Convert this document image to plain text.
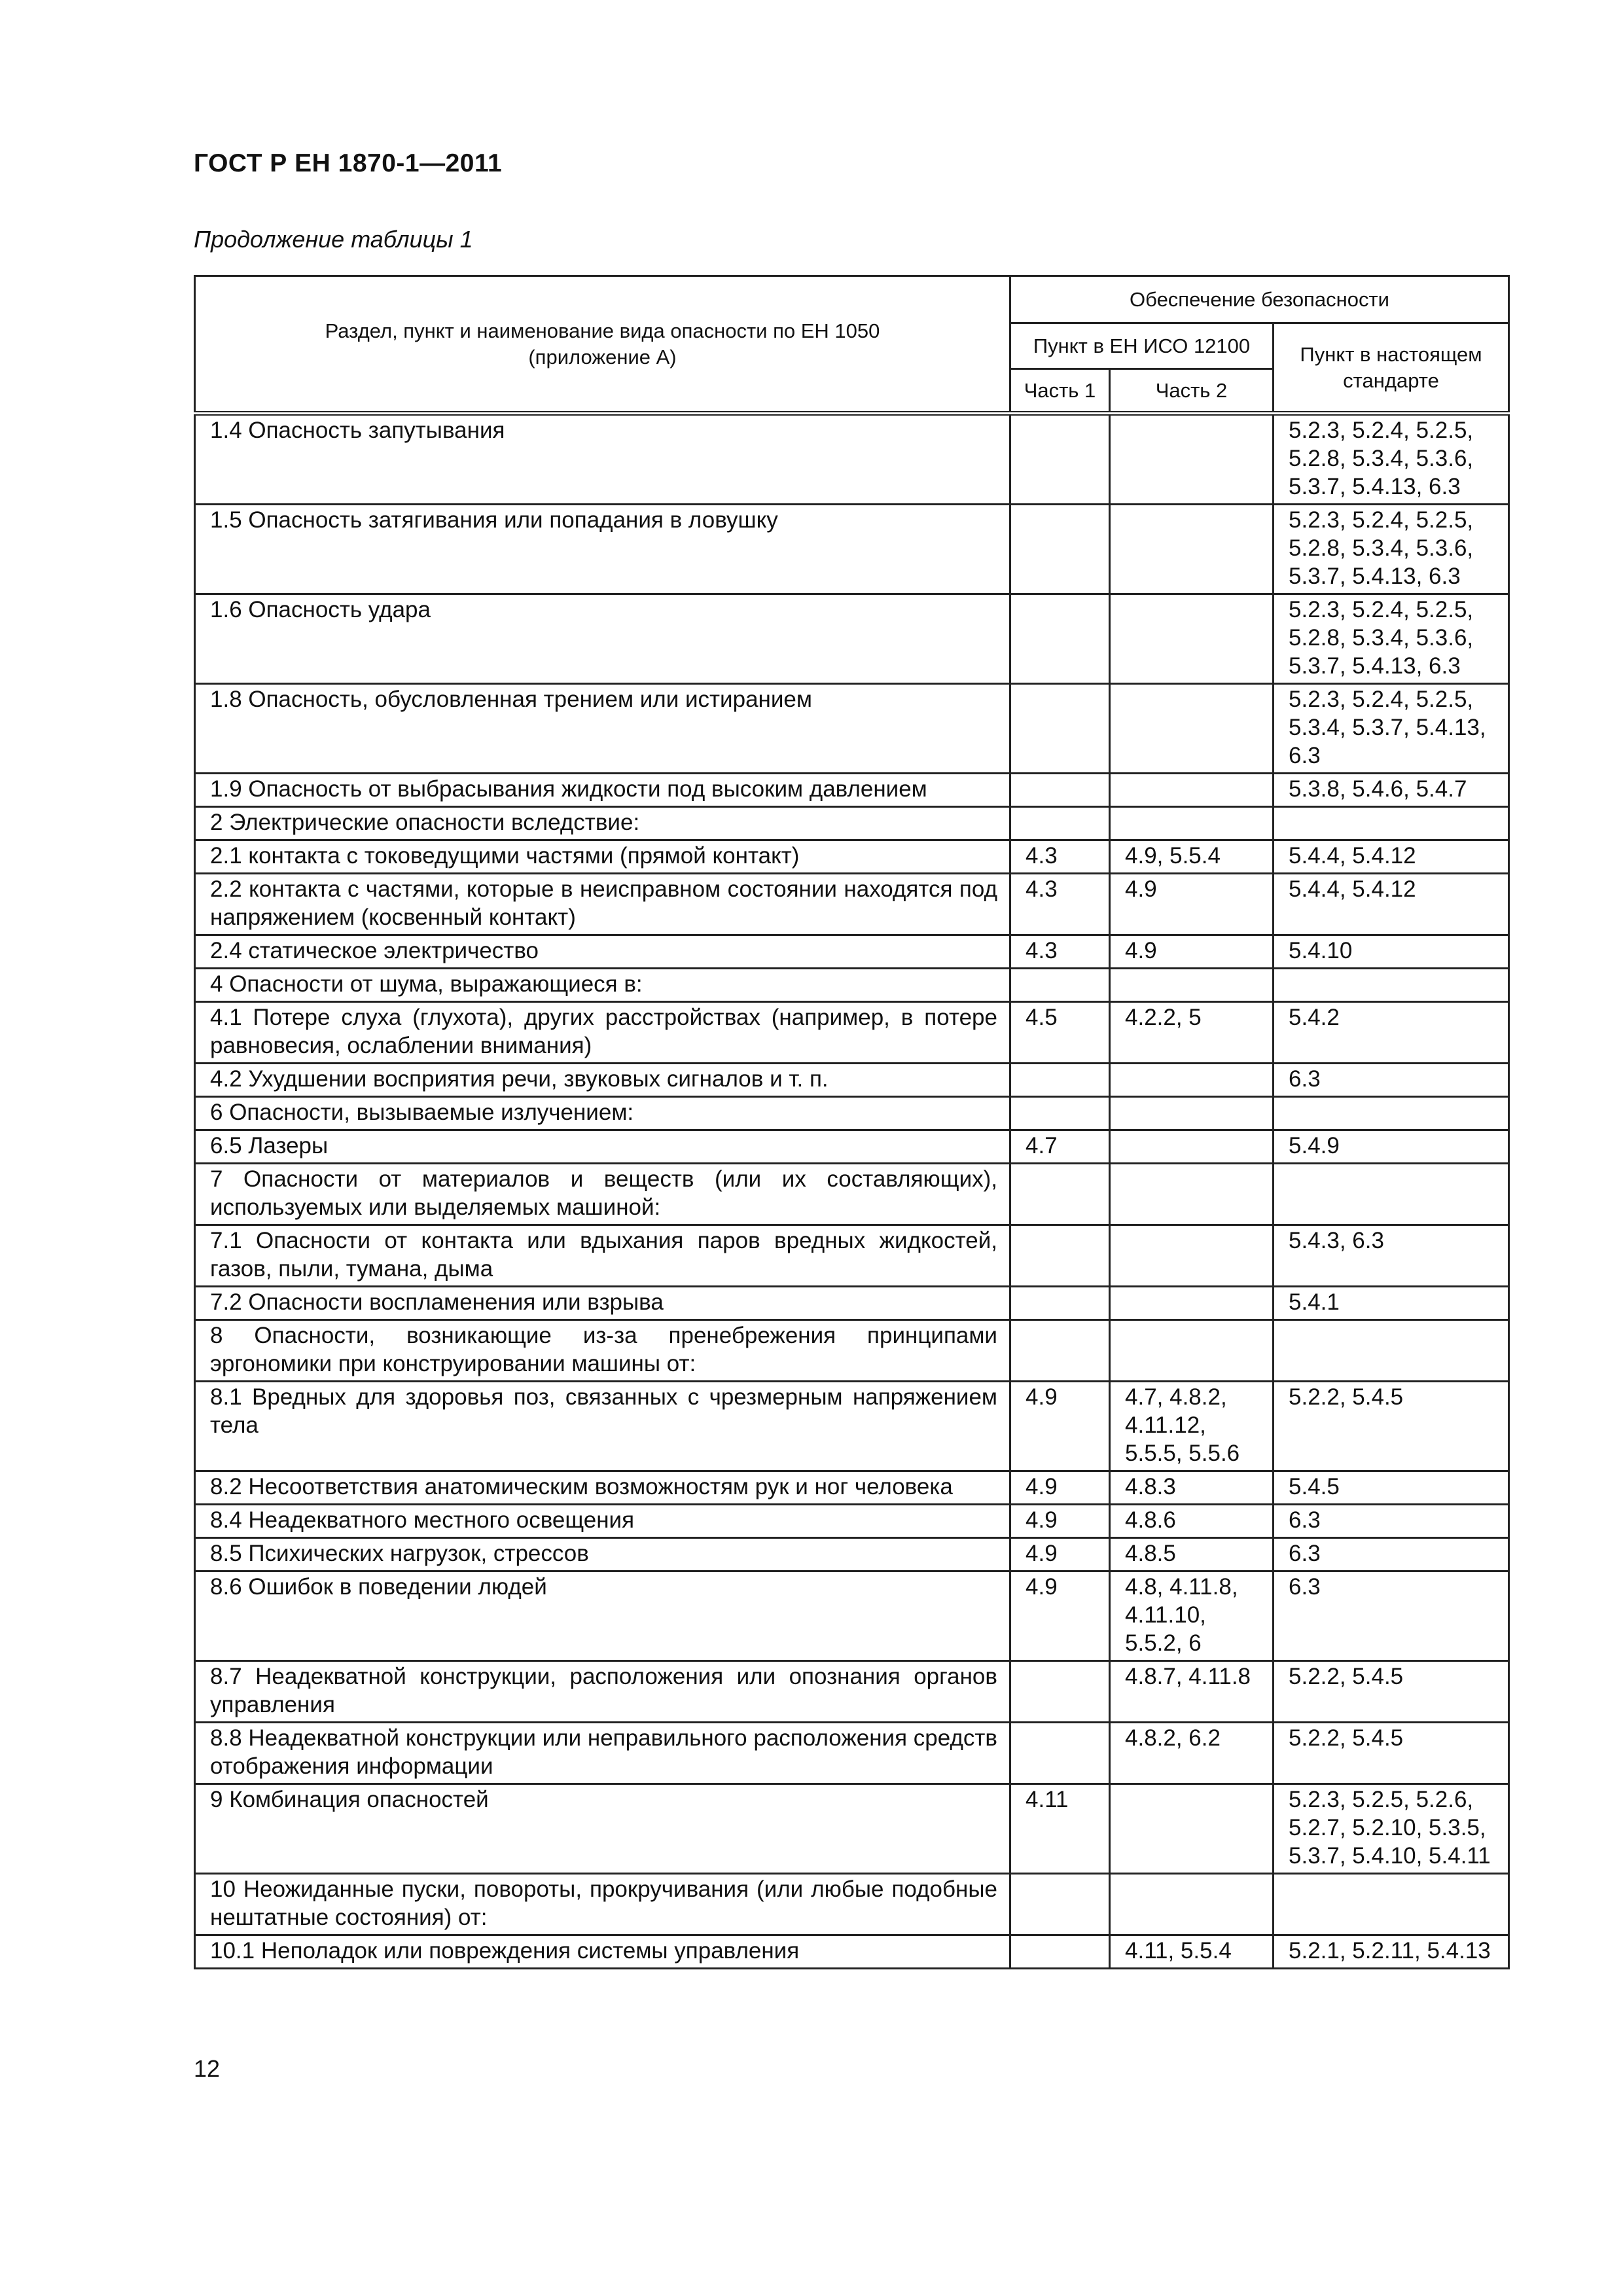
ГОСТ Р ЕН 1870-1—2011
Продолжение таблицы 1
Раздел, пункт и наименование вида опасности по ЕН 1050 (приложение А)	Обеспечение безопасности		
	Пункт в ЕН ИСО 12100		Пункт в настоящем стандарте
	Часть 1	Часть 2	
1.4 Опасность запутывания			5.2.3, 5.2.4, 5.2.5, 5.2.8, 5.3.4, 5.3.6, 5.3.7, 5.4.13, 6.3
1.5 Опасность затягивания или попадания в ловушку			5.2.3, 5.2.4, 5.2.5, 5.2.8, 5.3.4, 5.3.6, 5.3.7, 5.4.13, 6.3
1.6 Опасность удара			5.2.3, 5.2.4, 5.2.5, 5.2.8, 5.3.4, 5.3.6, 5.3.7, 5.4.13, 6.3
1.8 Опасность, обусловленная трением или истиранием			5.2.3, 5.2.4, 5.2.5, 5.3.4, 5.3.7, 5.4.13, 6.3
1.9 Опасность от выбрасывания жидкости под высоким давлением			5.3.8, 5.4.6, 5.4.7
2 Электрические опасности вследствие:			
2.1 контакта с токоведущими частями (прямой контакт)	4.3	4.9, 5.5.4	5.4.4, 5.4.12
2.2 контакта с частями, которые в неисправном состоянии находятся под напряжением (косвенный контакт)	4.3	4.9	5.4.4, 5.4.12
2.4 статическое электричество	4.3	4.9	5.4.10
4 Опасности от шума, выражающиеся в:			
4.1 Потере слуха (глухота), других расстройствах (например, в потере равновесия, ослаблении внимания)	4.5	4.2.2, 5	5.4.2
4.2 Ухудшении восприятия речи, звуковых сигналов и т. п.			6.3
6 Опасности, вызываемые излучением:			
6.5 Лазеры	4.7		5.4.9
7 Опасности от материалов и веществ (или их составляющих), используемых или выделяемых машиной:			
7.1 Опасности от контакта или вдыхания паров вредных жидкостей, газов, пыли, тумана, дыма			5.4.3, 6.3
7.2 Опасности воспламенения или взрыва			5.4.1
8 Опасности, возникающие из-за пренебрежения принципами эргономики при конструировании машины от:			
8.1 Вредных для здоровья поз, связанных с чрезмерным напряжением тела	4.9	4.7, 4.8.2, 4.11.12, 5.5.5, 5.5.6	5.2.2, 5.4.5
8.2 Несоответствия анатомическим возможностям рук и ног человека	4.9	4.8.3	5.4.5
8.4 Неадекватного местного освещения	4.9	4.8.6	6.3
8.5 Психических нагрузок, стрессов	4.9	4.8.5	6.3
8.6 Ошибок в поведении людей	4.9	4.8, 4.11.8, 4.11.10, 5.5.2, 6	6.3
8.7 Неадекватной конструкции, расположения или опознания органов управления		4.8.7, 4.11.8	5.2.2, 5.4.5
8.8 Неадекватной конструкции или неправильного расположения средств отображения информации		4.8.2, 6.2	5.2.2, 5.4.5
9 Комбинация опасностей	4.11		5.2.3, 5.2.5, 5.2.6, 5.2.7, 5.2.10, 5.3.5, 5.3.7, 5.4.10, 5.4.11
10 Неожиданные пуски, повороты, прокручивания (или любые подобные нештатные состояния) от:			
10.1 Неполадок или повреждения системы управления		4.11, 5.5.4	5.2.1, 5.2.11, 5.4.13
12
